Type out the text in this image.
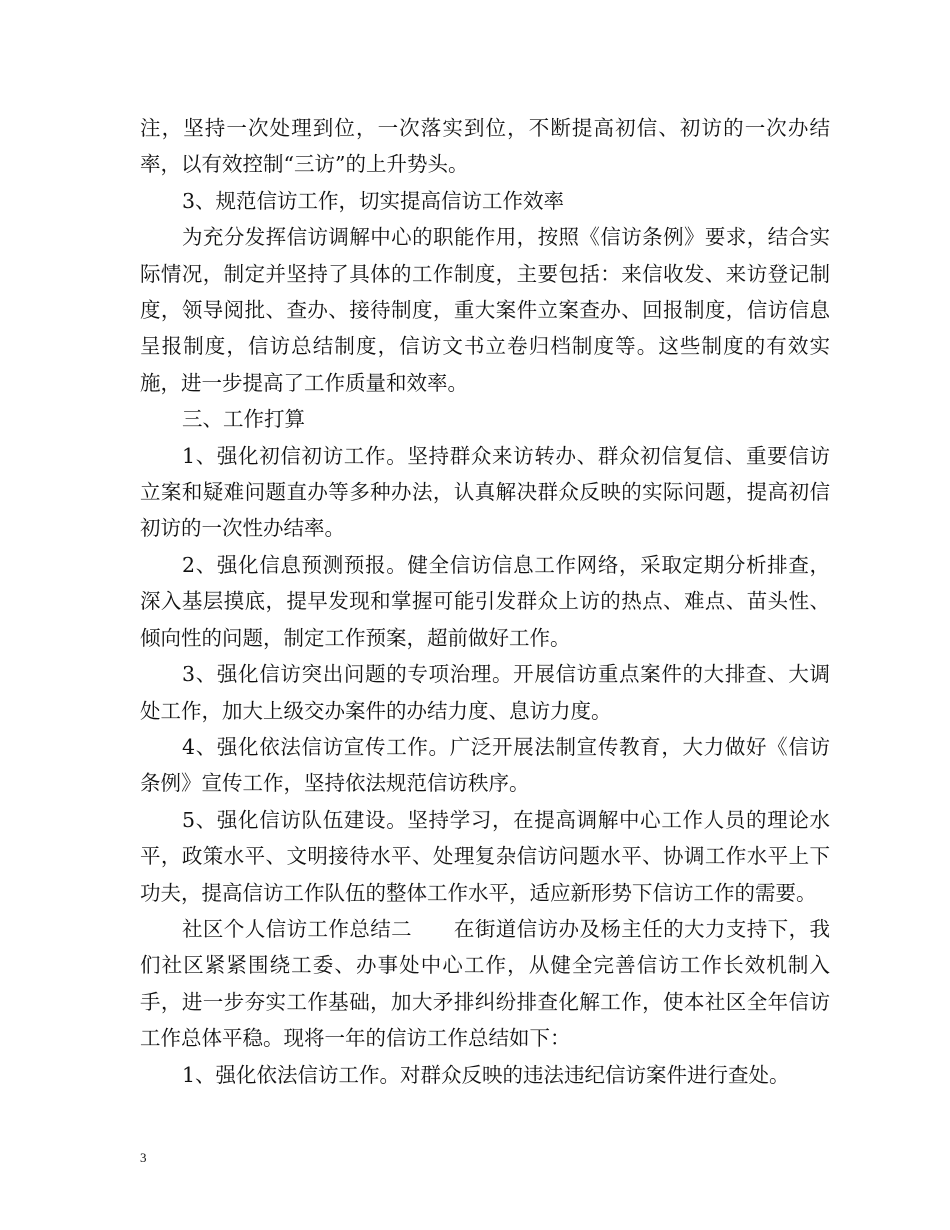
注，坚持一次处理到位，一次落实到位，不断提高初信、初访的一次办结率，以有效控制“三访”的上升势头。

3、规范信访工作，切实提高信访工作效率

为充分发挥信访调解中心的职能作用，按照《信访条例》要求，结合实际情况，制定并坚持了具体的工作制度，主要包括：来信收发、来访登记制度，领导阅批、查办、接待制度，重大案件立案查办、回报制度，信访信息呈报制度，信访总结制度，信访文书立卷归档制度等。这些制度的有效实施，进一步提高了工作质量和效率。

三、工作打算

1、强化初信初访工作。坚持群众来访转办、群众初信复信、重要信访立案和疑难问题直办等多种办法，认真解决群众反映的实际问题，提高初信初访的一次性办结率。

2、强化信息预测预报。健全信访信息工作网络，采取定期分析排查，深入基层摸底，提早发现和掌握可能引发群众上访的热点、难点、苗头性、倾向性的问题，制定工作预案，超前做好工作。

3、强化信访突出问题的专项治理。开展信访重点案件的大排查、大调处工作，加大上级交办案件的办结力度、息访力度。

4、强化依法信访宣传工作。广泛开展法制宣传教育，大力做好《信访条例》宣传工作，坚持依法规范信访秩序。

5、强化信访队伍建设。坚持学习，在提高调解中心工作人员的理论水平，政策水平、文明接待水平、处理复杂信访问题水平、协调工作水平上下功夫，提高信访工作队伍的整体工作水平，适应新形势下信访工作的需要。

社区个人信访工作总结二　　在街道信访办及杨主任的大力支持下，我们社区紧紧围绕工委、办事处中心工作，从健全完善信访工作长效机制入手，进一步夯实工作基础，加大矛排纠纷排查化解工作，使本社区全年信访工作总体平稳。现将一年的信访工作总结如下：

1、强化依法信访工作。对群众反映的违法违纪信访案件进行查处。

3
